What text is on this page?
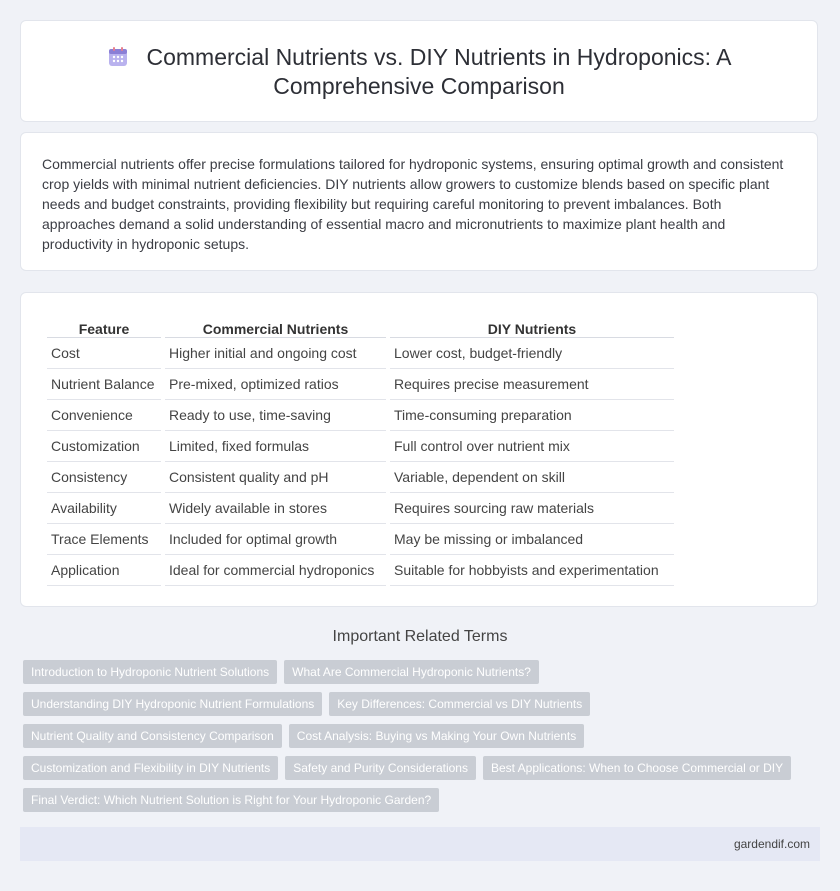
Commercial Nutrients vs. DIY Nutrients in Hydroponics: A Comprehensive Comparison

Commercial nutrients offer precise formulations tailored for hydroponic systems, ensuring optimal growth and consistent crop yields with minimal nutrient deficiencies. DIY nutrients allow growers to customize blends based on specific plant needs and budget constraints, providing flexibility but requiring careful monitoring to prevent imbalances. Both approaches demand a solid understanding of essential macro and micronutrients to maximize plant health and productivity in hydroponic setups.

Feature	Commercial Nutrients	DIY Nutrients
Cost	Higher initial and ongoing cost	Lower cost, budget-friendly
Nutrient Balance	Pre-mixed, optimized ratios	Requires precise measurement
Convenience	Ready to use, time-saving	Time-consuming preparation
Customization	Limited, fixed formulas	Full control over nutrient mix
Consistency	Consistent quality and pH	Variable, dependent on skill
Availability	Widely available in stores	Requires sourcing raw materials
Trace Elements	Included for optimal growth	May be missing or imbalanced
Application	Ideal for commercial hydroponics	Suitable for hobbyists and experimentation
Important Related Terms
Introduction to Hydroponic Nutrient Solutions	What Are Commercial Hydroponic Nutrients?
Understanding DIY Hydroponic Nutrient Formulations	Key Differences: Commercial vs DIY Nutrients
Nutrient Quality and Consistency Comparison	Cost Analysis: Buying vs Making Your Own Nutrients
Customization and Flexibility in DIY Nutrients	Safety and Purity Considerations	Best Applications: When to Choose Commercial or DIY
Final Verdict: Which Nutrient Solution is Right for Your Hydroponic Garden?
gardendif.com
